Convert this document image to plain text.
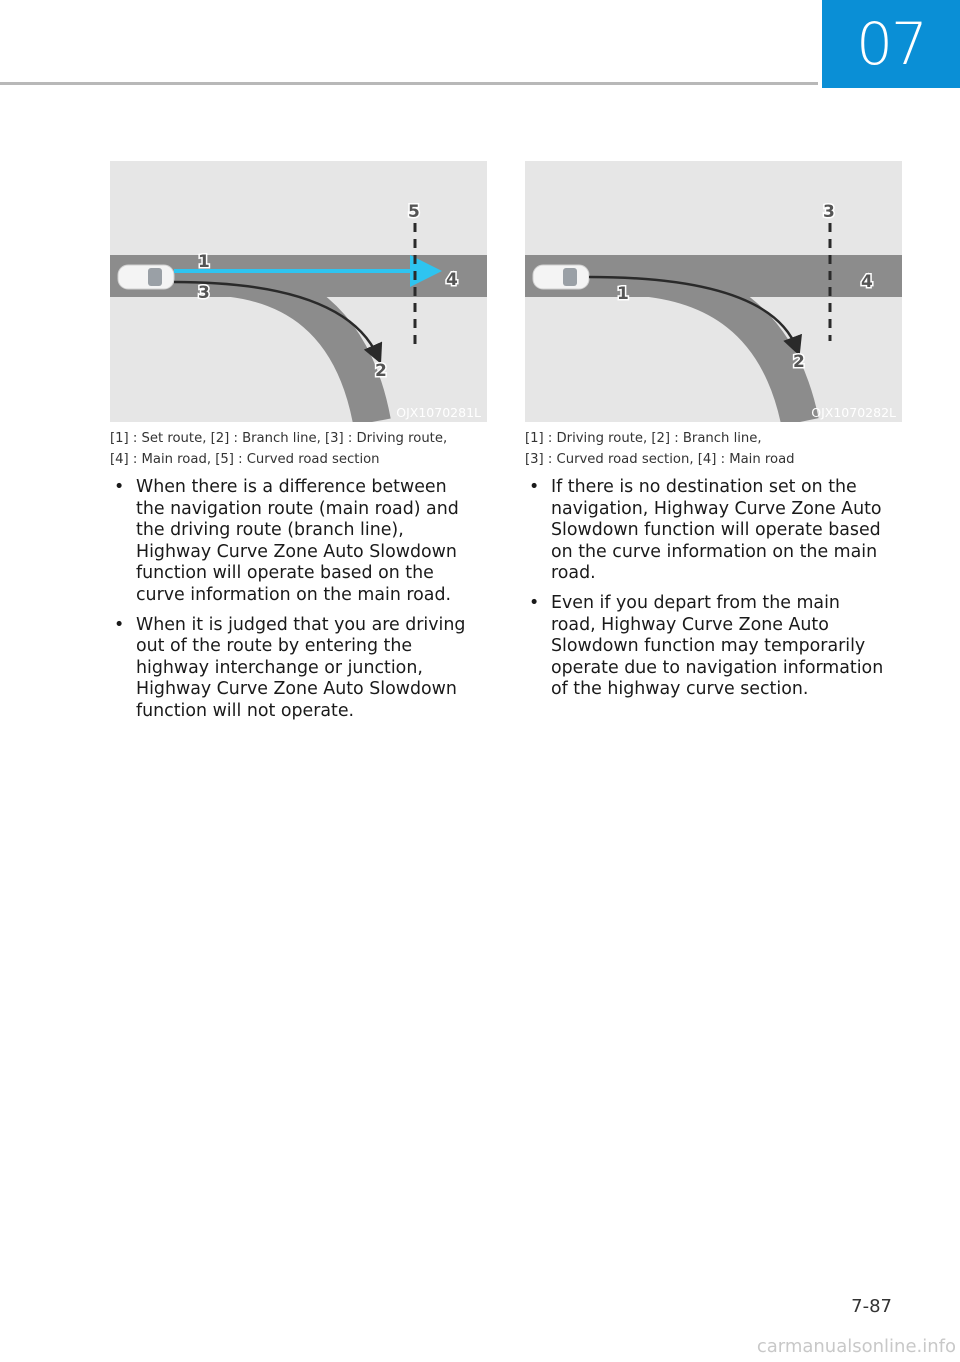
07
1
2
3
4
5
OJX1070281L
1
2
3
4
OJX1070282L
[1] : Set route, [2] : Branch line, [3] : Driving route,
[4] : Main road, [5] : Curved road section
[1] : Driving route, [2] : Branch line,
[3] : Curved road section, [4] : Main road
• When there is a difference between the navigation route (main road) and the driving route (branch line), Highway Curve Zone Auto Slowdown function will operate based on the curve information on the main road.
• When it is judged that you are driving out of the route by entering the highway interchange or junction, Highway Curve Zone Auto Slowdown function will not operate.
• If there is no destination set on the navigation, Highway Curve Zone Auto Slowdown function will operate based on the curve information on the main road.
• Even if you depart from the main road, Highway Curve Zone Auto Slowdown function may temporarily operate due to navigation information of the highway curve section.
7-87
carmanualsonline.info
